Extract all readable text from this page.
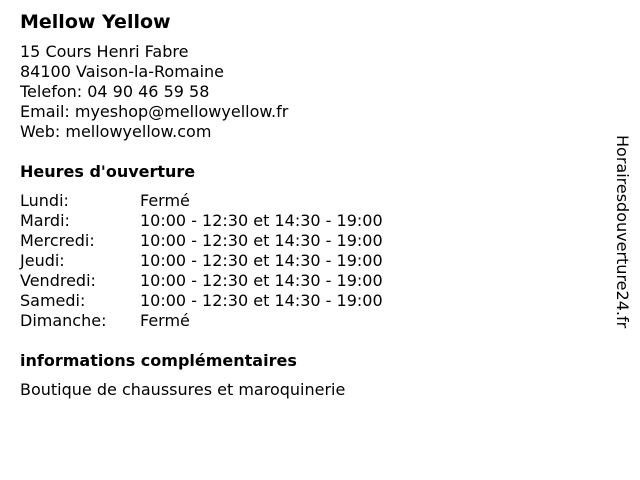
Mellow Yellow
15 Cours Henri Fabre
84100 Vaison-la-Romaine
Telefon: 04 90 46 59 58
Email: myeshop@mellowyellow.fr
Web: mellowyellow.com
Heures d'ouverture
Lundi:	Fermé
Mardi:	10:00 - 12:30 et 14:30 - 19:00
Mercredi:	10:00 - 12:30 et 14:30 - 19:00
Jeudi:	10:00 - 12:30 et 14:30 - 19:00
Vendredi:	10:00 - 12:30 et 14:30 - 19:00
Samedi:	10:00 - 12:30 et 14:30 - 19:00
Dimanche:	Fermé
informations complémentaires
Boutique de chaussures et maroquinerie
Horairesdouverture24.fr
